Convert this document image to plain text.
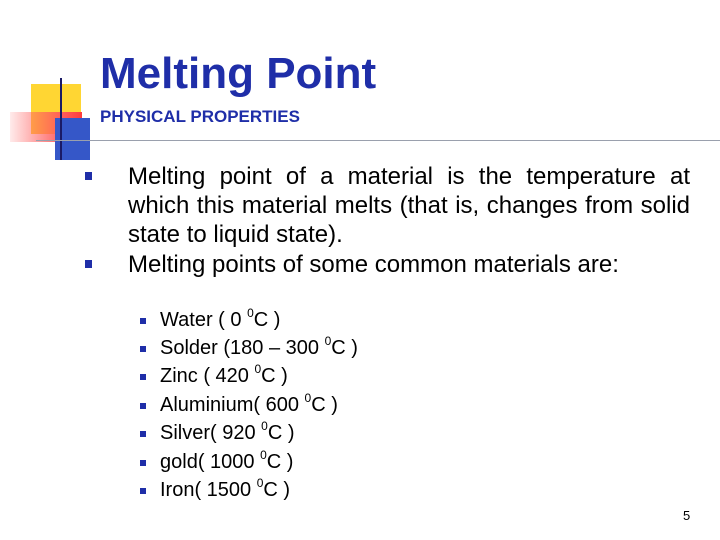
Melting Point
PHYSICAL PROPERTIES
Melting point of a material is the temperature at which this material melts (that is, changes from solid state to liquid state).
Melting points of some common materials are:
Water ( 0 $^0$C )
Solder (180 – 300 $^0$C )
Zinc ( 420 $^0$C )
Aluminium( 600 $^0$C )
Silver( 920 $^0$C )
gold( 1000 $^0$C )
Iron( 1500 $^0$C )
5
